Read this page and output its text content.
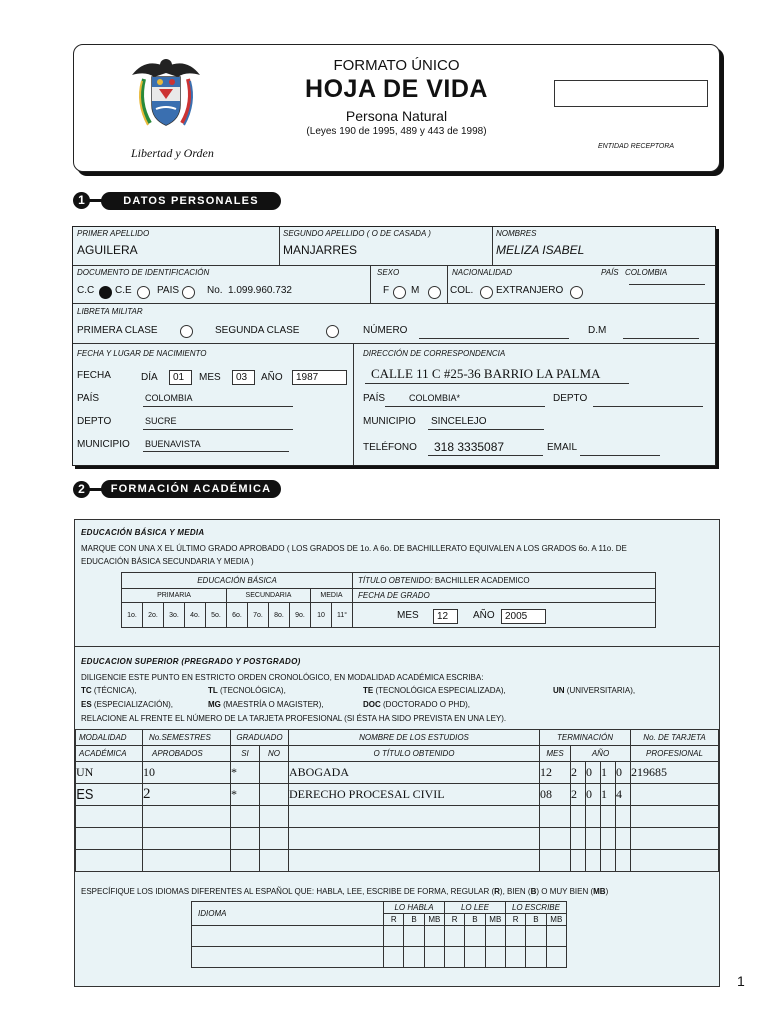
Libertad y Orden
FORMATO ÚNICO
HOJA DE VIDA
Persona Natural
(Leyes 190 de 1995, 489 y 443 de 1998)
ENTIDAD RECEPTORA
1	DATOS PERSONALES
PRIMER APELLIDO
AGUILERA
SEGUNDO APELLIDO ( O DE CASADA )
MANJARRES
NOMBRES
MELIZA ISABEL
DOCUMENTO DE IDENTIFICACIÓN
C.C C.E	PAIS	No. 1.099.960.732
SEXO
F M
NACIONALIDAD
COL. EXTRANJERO
PAÍS COLOMBIA
LIBRETA MILITAR
PRIMERA CLASE	SEGUNDA CLASE	NÚMERO	D.M
FECHA Y LUGAR DE NACIMIENTO
FECHA	DÍA	01	MES	03	AÑO	1987
PAÍS	COLOMBIA
DEPTO	SUCRE
MUNICIPIO BUENAVISTA
DIRECCIÓN DE CORRESPONDENCIA
CALLE 11 C #25-36 BARRIO LA PALMA
PAÍS	COLOMBIA*	DEPTO
MUNICIPIO SINCELEJO
TELÉFONO 318 3335087	EMAIL
2	FORMACIÓN ACADÉMICA
EDUCACIÓN BÁSICA Y MEDIA
MARQUE CON UNA X EL ÚLTIMO GRADO APROBADO ( LOS GRADOS DE 1o. A 6o. DE BACHILLERATO EQUIVALEN A LOS GRADOS 6o. A 11o. DE
EDUCACIÓN BÁSICA SECUNDARIA Y MEDIA )
EDUCACIÓN BÁSICA											TÍTULO OBTENIDO: BACHILLER ACADEMICO
PRIMARIA					SECUNDARIA				MEDIA		FECHA DE GRADO
1o.	2o.	3o.	4o.	5o.	6o.	7o.	8o.	9o.	10	11°	MES 12 AÑO 2005
EDUCACION SUPERIOR (PREGRADO Y POSTGRADO)
DILIGENCIE ESTE PUNTO EN ESTRICTO ORDEN CRONOLÓGICO, EN MODALIDAD ACADÉMICA ESCRIBA:
TC (TÉCNICA),	TL (TECNOLÓGICA),	TE (TECNOLÓGICA ESPECIALIZADA),	UN (UNIVERSITARIA),
ES (ESPECIALIZACIÓN),	MG (MAESTRÍA O MAGISTER),	DOC (DOCTORADO O PHD),
RELACIONE AL FRENTE EL NÚMERO DE LA TARJETA PROFESIONAL (SI ÉSTA HA SIDO PREVISTA EN UNA LEY).
MODALIDAD	No.SEMESTRES	GRADUADO		NOMBRE DE LOS ESTUDIOS	TERMINACIÓN					No. DE TARJETA
ACADÉMICA	APROBADOS	SI	NO	O TÍTULO OBTENIDO	MES	AÑO				PROFESIONAL
UN	10	*		ABOGADA	12	2	0	1	0	219685
ES	2	*		DERECHO PROCESAL CIVIL	08	2	0	1	4	

ESPECÍFIQUE LOS IDIOMAS DIFERENTES AL ESPAÑOL QUE: HABLA, LEE, ESCRIBE DE FORMA, REGULAR (R), BIEN (B) O MUY BIEN (MB)
IDIOMA	LO HABLA			LO LEE			LO ESCRIBE		
	R	B	MB	R	B	MB	R	B	MB

1
